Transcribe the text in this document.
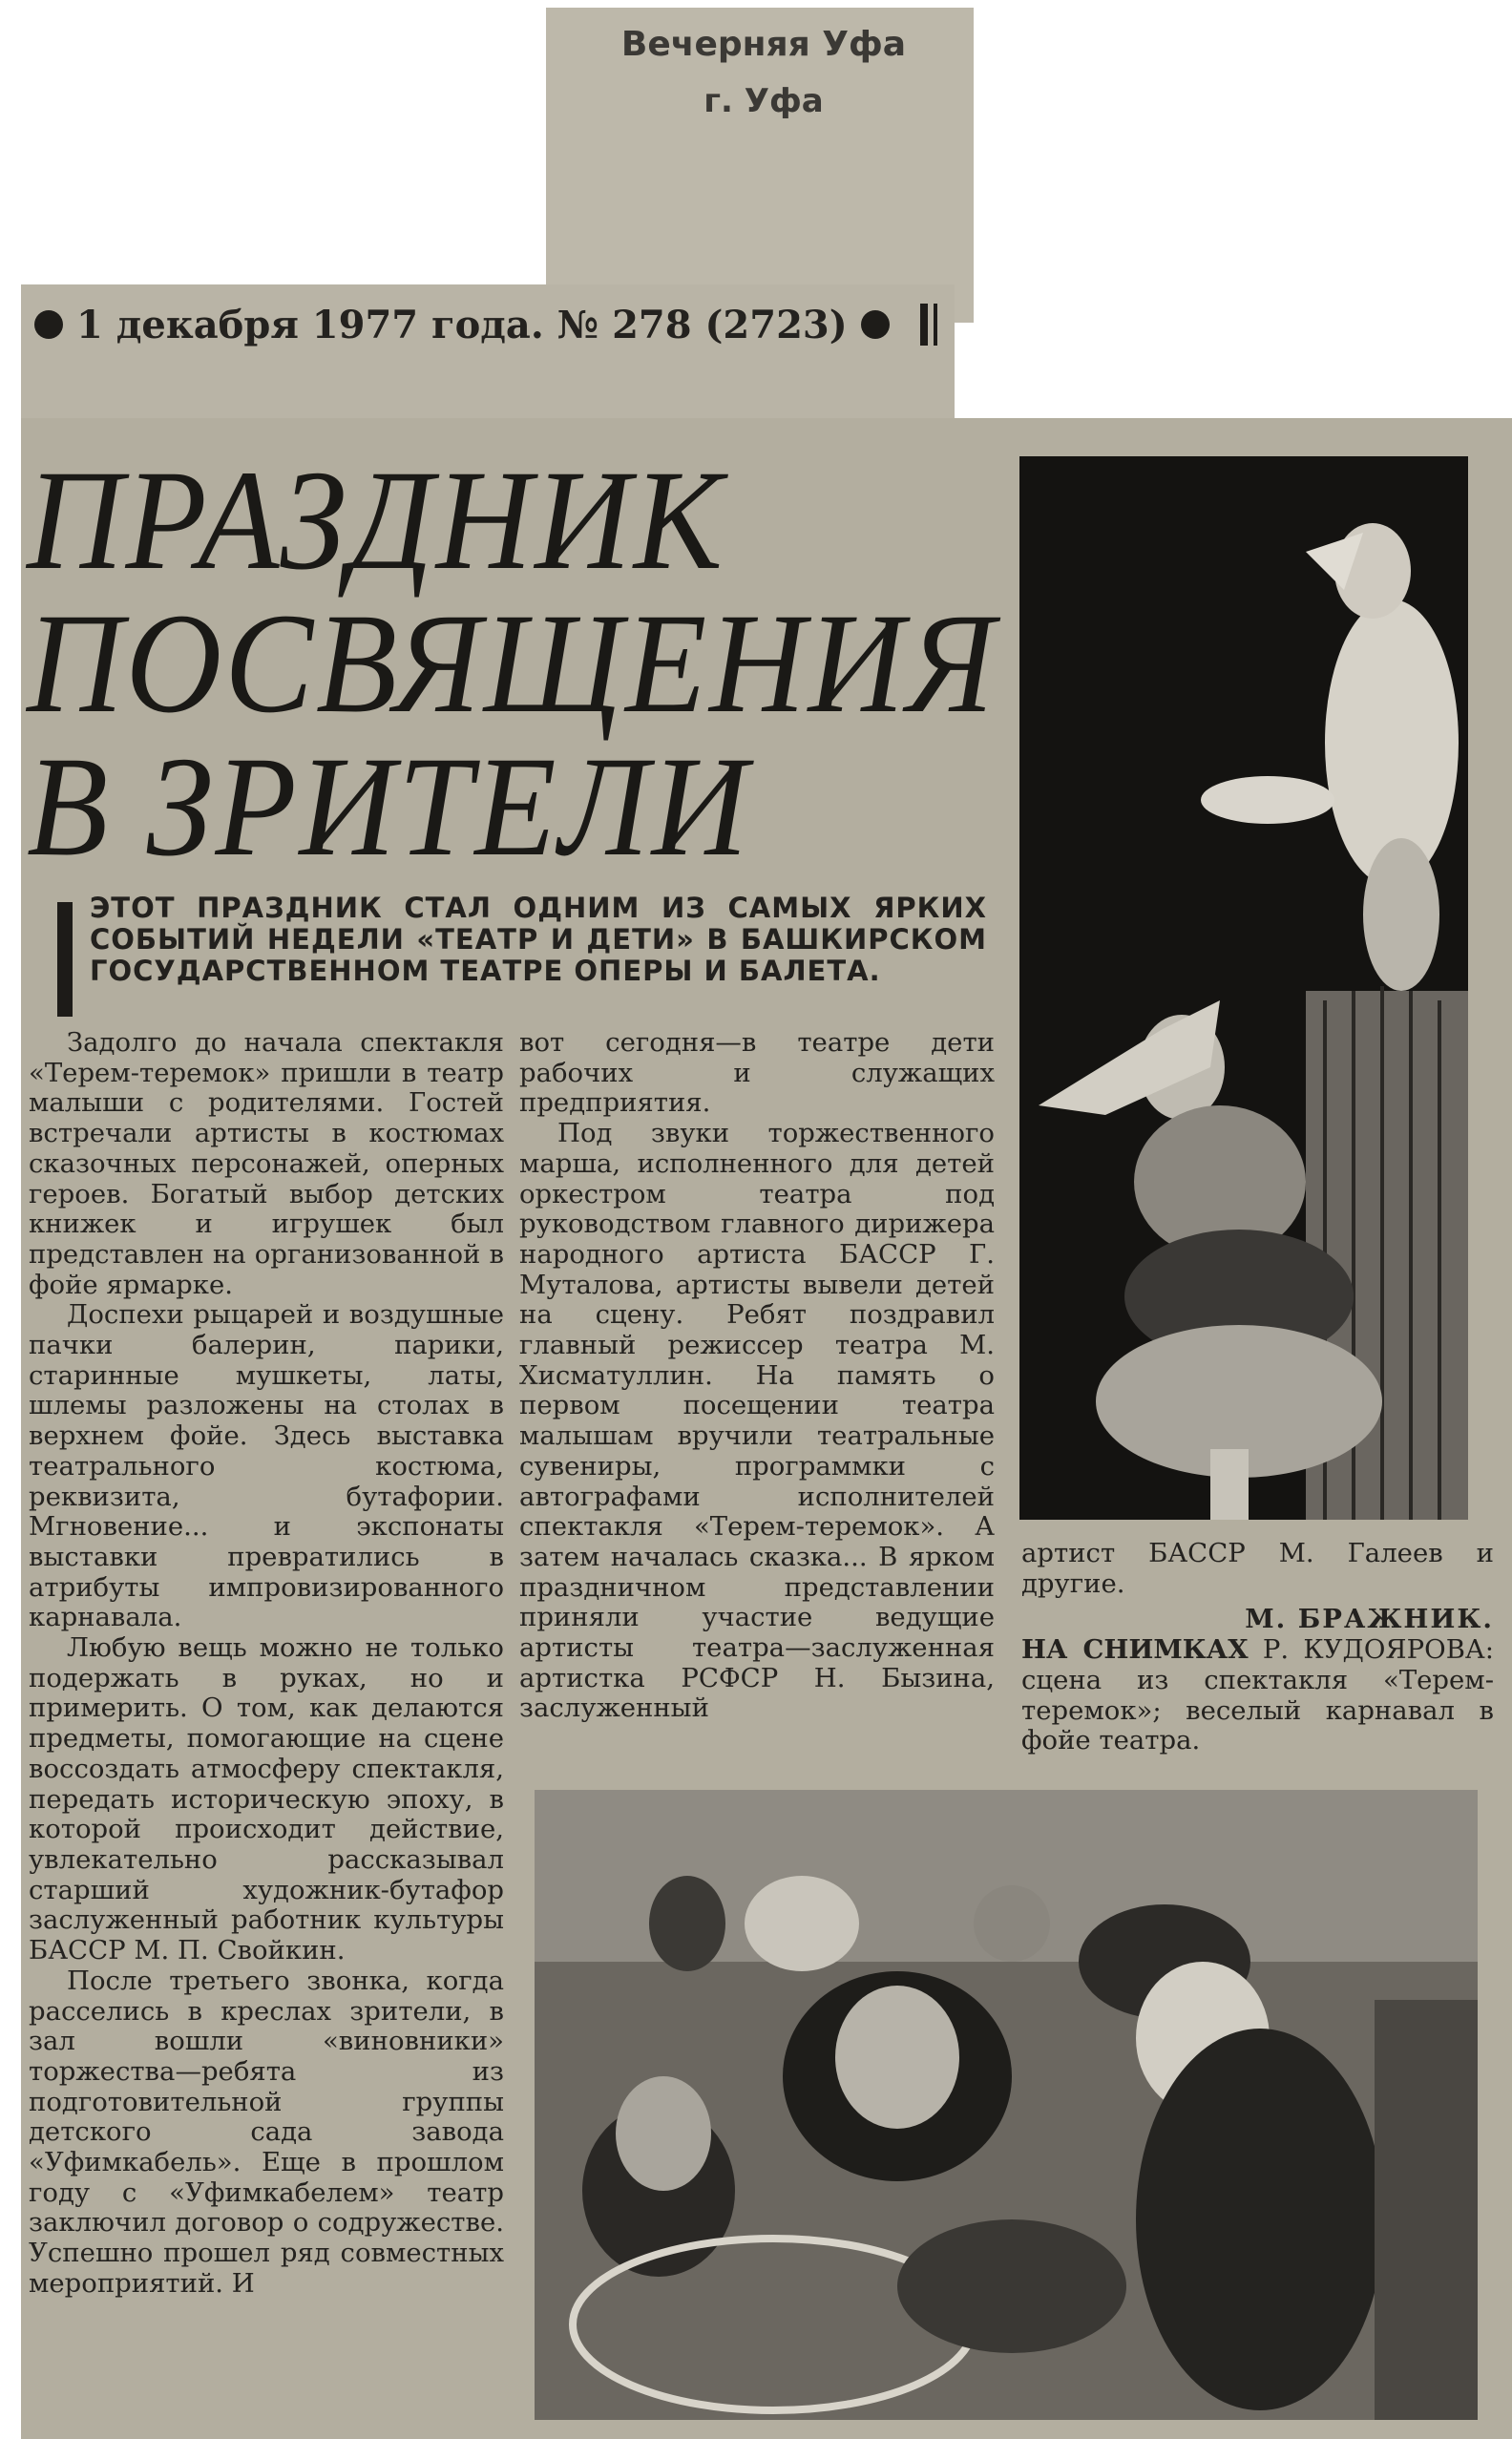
Вечерняя Уфа
г. Уфа
1 декабря 1977 года. № 278 (2723)
ПРАЗДНИК
ПОСВЯЩЕНИЯ
В ЗРИТЕЛИ

ЭТОТ ПРАЗДНИК СТАЛ ОДНИМ ИЗ САМЫХ ЯРКИХ СОБЫТИЙ НЕДЕЛИ «ТЕАТР И ДЕТИ» В БАШКИРСКОМ ГОСУДАРСТВЕННОМ ТЕАТРЕ ОПЕРЫ И БАЛЕТА.

Задолго до начала спектакля «Терем-теремок» пришли в театр малыши с родителями. Гостей встречали артисты в костюмах сказочных персонажей, оперных героев. Богатый выбор детских книжек и игрушек был представлен на организованной в фойе ярмарке.

Доспехи рыцарей и воздушные пачки балерин, парики, старинные мушкеты, латы, шлемы разложены на столах в верхнем фойе. Здесь выставка театрального костюма, реквизита, бутафории. Мгновение... и экспонаты выставки превратились в атрибуты импровизированного карнавала.

Любую вещь можно не только подержать в руках, но и примерить. О том, как делаются предметы, помогающие на сцене воссоздать атмосферу спектакля, передать историческую эпоху, в которой происходит действие, увлекательно рассказывал старший художник-бутафор заслуженный работник культуры БАССР М. П. Свойкин.

После третьего звонка, когда расселись в креслах зрители, в зал вошли «виновники» торжества—ребята из подготовительной группы детского сада завода «Уфимкабель». Еще в прошлом году с «Уфимкабелем» театр заключил договор о содружестве. Успешно прошел ряд совместных мероприятий. И

вот сегодня—в театре дети рабочих и служащих предприятия.

Под звуки торжественного марша, исполненного для детей оркестром театра под руководством главного дирижера народного артиста БАССР Г. Муталова, артисты вывели детей на сцену. Ребят поздравил главный режиссер театра М. Хисматуллин. На память о первом посещении театра малышам вручили театральные сувениры, программки с автографами исполнителей спектакля «Терем-теремок». А затем началась сказка... В ярком праздничном представлении приняли участие ведущие артисты театра—заслуженная артистка РСФСР Н. Бызина, заслуженный

артист БАССР М. Галеев и другие.

М. БРАЖНИК.

НА СНИМКАХ Р. КУДОЯРОВА: сцена из спектакля «Терем-теремок»; веселый карнавал в фойе театра.
